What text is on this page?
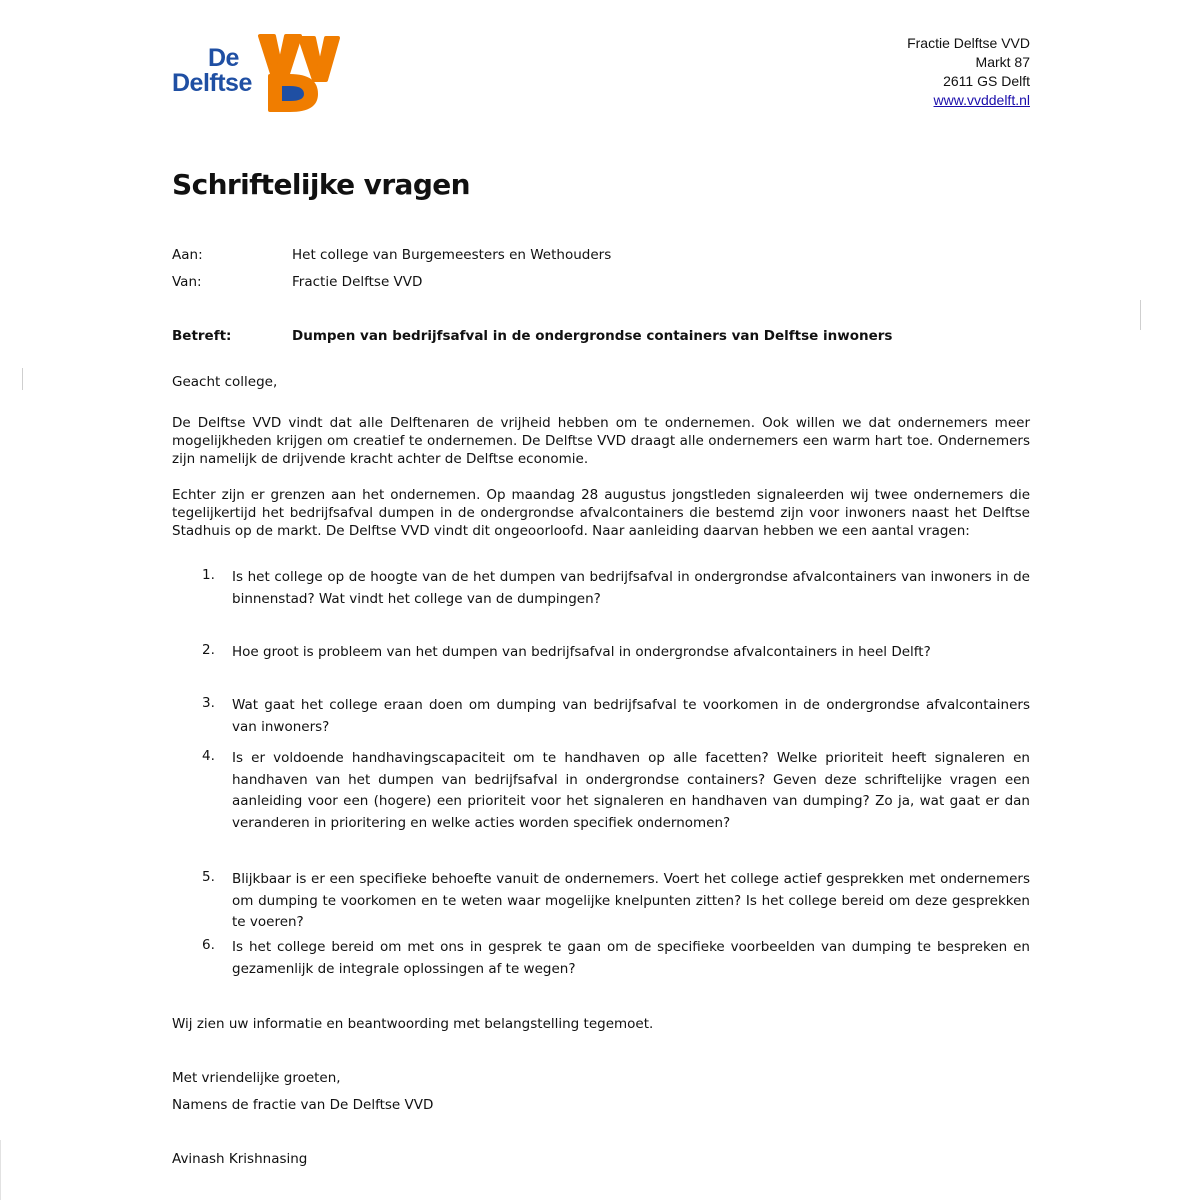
De
Delftse
Fractie Delftse VVD
Markt 87
2611 GS Delft
www.vvddelft.nl
Schriftelijke vragen
Aan:	Het college van Burgemeesters en Wethouders
Van:	Fractie Delftse VVD
Betreft:	Dumpen van bedrijfsafval in de ondergrondse containers van Delftse inwoners
Geacht college,
De Delftse VVD vindt dat alle Delftenaren de vrijheid hebben om te ondernemen. Ook willen we dat ondernemers meer mogelijkheden krijgen om creatief te ondernemen. De Delftse VVD draagt alle ondernemers een warm hart toe. Ondernemers zijn namelijk de drijvende kracht achter de Delftse economie.
Echter zijn er grenzen aan het ondernemen. Op maandag 28 augustus jongstleden signaleerden wij twee ondernemers die tegelijkertijd het bedrijfsafval dumpen in de ondergrondse afvalcontainers die bestemd zijn voor inwoners naast het Delftse Stadhuis op de markt. De Delftse VVD vindt dit ongeoorloofd. Naar aanleiding daarvan hebben we een aantal vragen:
1. Is het college op de hoogte van de het dumpen van bedrijfsafval in ondergrondse afvalcontainers van inwoners in de binnenstad? Wat vindt het college van de dumpingen?
2. Hoe groot is probleem van het dumpen van bedrijfsafval in ondergrondse afvalcontainers in heel Delft?
3. Wat gaat het college eraan doen om dumping van bedrijfsafval te voorkomen in de ondergrondse afvalcontainers van inwoners?
4. Is er voldoende handhavingscapaciteit om te handhaven op alle facetten? Welke prioriteit heeft signaleren en handhaven van het dumpen van bedrijfsafval in ondergrondse containers? Geven deze schriftelijke vragen een aanleiding voor een (hogere) een prioriteit voor het signaleren en handhaven van dumping? Zo ja, wat gaat er dan veranderen in prioritering en welke acties worden specifiek ondernomen?
5. Blijkbaar is er een specifieke behoefte vanuit de ondernemers. Voert het college actief gesprekken met ondernemers om dumping te voorkomen en te weten waar mogelijke knelpunten zitten? Is het college bereid om deze gesprekken te voeren?
6. Is het college bereid om met ons in gesprek te gaan om de specifieke voorbeelden van dumping te bespreken en gezamenlijk de integrale oplossingen af te wegen?
Wij zien uw informatie en beantwoording met belangstelling tegemoet.
Met vriendelijke groeten,
Namens de fractie van De Delftse VVD
Avinash Krishnasing
